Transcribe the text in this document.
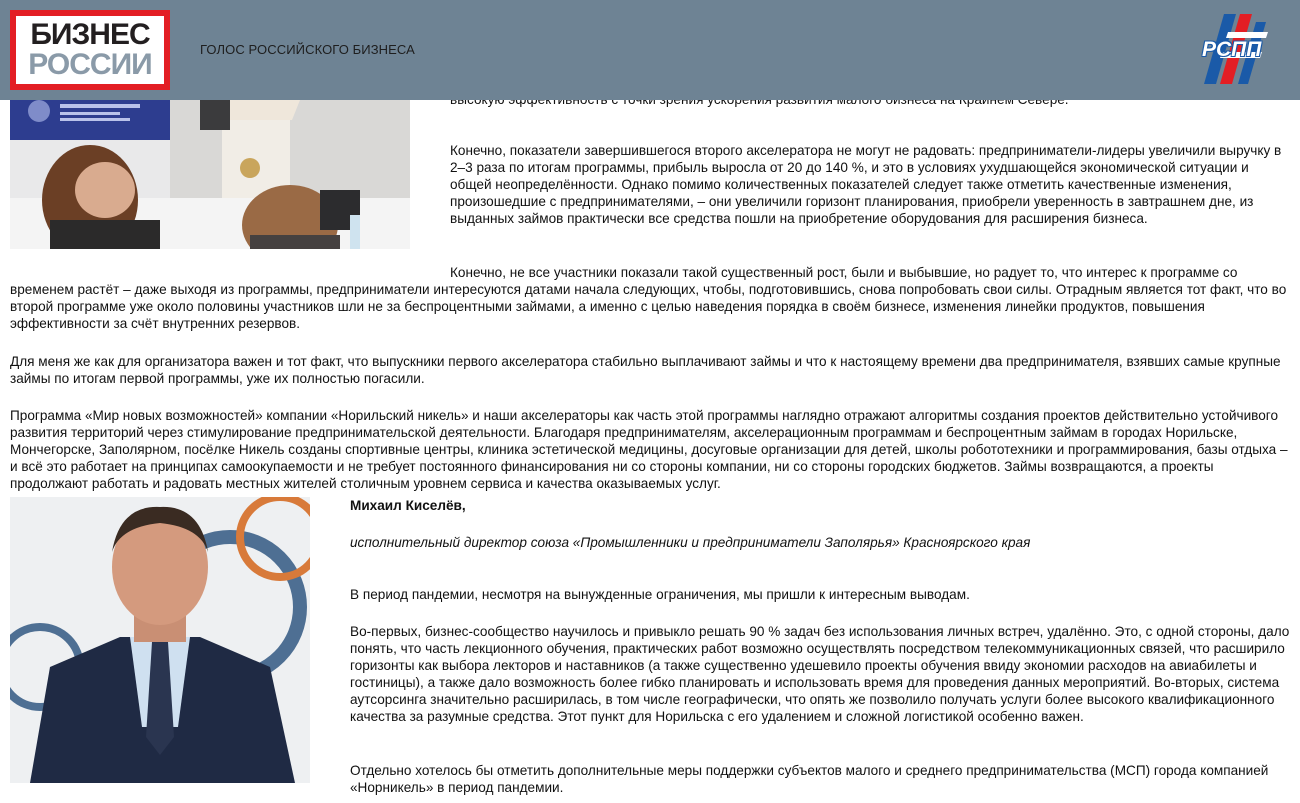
БИЗНЕС
РОССИИ	ГОЛОС РОССИЙСКОГО БИЗНЕСА	РСПП

Конечно, показатели завершившегося второго акселератора не могут не радовать: предприниматели-лидеры увеличили выручку в 2–3 раза по итогам программы, прибыль выросла от 20 до 140 %, и это в условиях ухудшающейся экономической ситуации и общей неопределённости. Однако помимо количественных показателей следует также отметить качественные изменения, произошедшие с предпринимателями, – они увеличили горизонт планирования, приобрели уверенность в завтрашнем дне, из выданных займов практически все средства пошли на приобретение оборудования для расширения бизнеса.

Конечно, не все участники показали такой существенный рост, были и выбывшие, но радует то, что интерес к программе со временем растёт – даже выходя из программы, предприниматели интересуются датами начала следующих, чтобы, подготовившись, снова попробовать свои силы. Отрадным является тот факт, что во второй программе уже около половины участников шли не за беспроцентными займами, а именно с целью наведения порядка в своём бизнесе, изменения линейки продуктов, повышения эффективности за счёт внутренних резервов.

Для меня же как для организатора важен и тот факт, что выпускники первого акселератора стабильно выплачивают займы и что к настоящему времени два предпринимателя, взявших самые крупные займы по итогам первой программы, уже их полностью погасили.

Программа «Мир новых возможностей» компании «Норильский никель» и наши акселераторы как часть этой программы наглядно отражают алгоритмы создания проектов действительно устойчивого развития территорий через стимулирование предпринимательской деятельности. Благодаря предпринимателям, акселерационным программам и беспроцентным займам в городах Норильске, Мончегорске, Заполярном, посёлке Никель созданы спортивные центры, клиника эстетической медицины, досуговые организации для детей, школы робототехники и программирования, базы отдыха – и всё это работает на принципах самоокупаемости и не требует постоянного финансирования ни со стороны компании, ни со стороны городских бюджетов. Займы возвращаются, а проекты продолжают работать и радовать местных жителей столичным уровнем сервиса и качества оказываемых услуг.

Михаил Киселёв,
исполнительный директор союза «Промышленники и предприниматели Заполярья» Красноярского края

В период пандемии, несмотря на вынужденные ограничения, мы пришли к интересным выводам.

Во-первых, бизнес-сообщество научилось и привыкло решать 90 % задач без использования личных встреч, удалённо. Это, с одной стороны, дало понять, что часть лекционного обучения, практических работ возможно осуществлять посредством телекоммуникационных связей, что расширило горизонты как выбора лекторов и наставников (а также существенно удешевило проекты обучения ввиду экономии расходов на авиабилеты и гостиницы), а также дало возможность более гибко планировать и использовать время для проведения данных мероприятий. Во-вторых, система аутсорсинга значительно расширилась, в том числе географически, что опять же позволило получать услуги более высокого квалификационного качества за разумные средства. Этот пункт для Норильска с его удалением и сложной логистикой особенно важен.

Отдельно хотелось бы отметить дополнительные меры поддержки субъектов малого и среднего предпринимательства (МСП) города компанией «Норникель» в период пандемии.
